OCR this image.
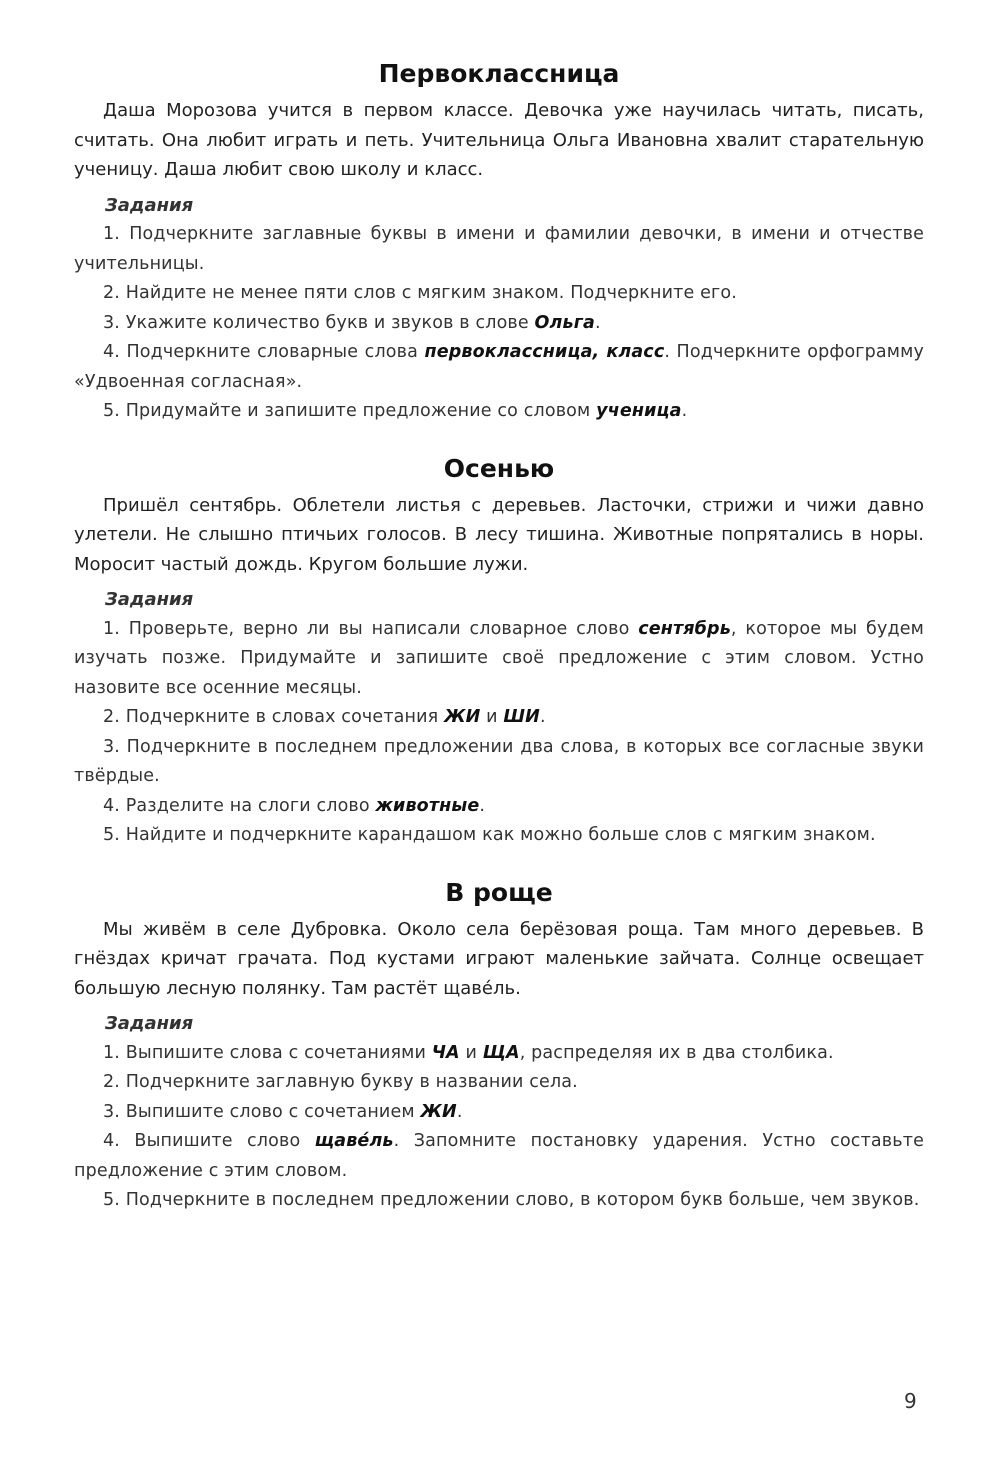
Первоклассница

Даша Морозова учится в первом классе. Девочка уже научилась читать, писать, считать. Она любит играть и петь. Учительница Ольга Ивановна хвалит старательную ученицу. Даша любит свою школу и класс.

Задания

1. Подчеркните заглавные буквы в имени и фамилии девочки, в имени и отчестве учительницы.

2. Найдите не менее пяти слов с мягким знаком. Подчеркните его.

3. Укажите количество букв и звуков в слове Ольга.

4. Подчеркните словарные слова первоклассница, класс. Подчеркните орфограмму «Удвоенная согласная».

5. Придумайте и запишите предложение со словом ученица.

Осенью

Пришёл сентябрь. Облетели листья с деревьев. Ласточки, стрижи и чижи давно улетели. Не слышно птичьих голосов. В лесу тишина. Животные попрятались в норы. Моросит частый дождь. Кругом большие лужи.

Задания

1. Проверьте, верно ли вы написали словарное слово сентябрь, которое мы будем изучать позже. Придумайте и запишите своё предложение с этим словом. Устно назовите все осенние месяцы.

2. Подчеркните в словах сочетания ЖИ и ШИ.

3. Подчеркните в последнем предложении два слова, в которых все согласные звуки твёрдые.

4. Разделите на слоги слово животные.

5. Найдите и подчеркните карандашом как можно больше слов с мягким знаком.

В роще

Мы живём в селе Дубровка. Около села берёзовая роща. Там много деревьев. В гнёздах кричат грачата. Под кустами играют маленькие зайчата. Солнце освещает большую лесную полянку. Там растёт щаве́ль.

Задания

1. Выпишите слова с сочетаниями ЧА и ЩА, распределяя их в два столбика.

2. Подчеркните заглавную букву в названии села.

3. Выпишите слово с сочетанием ЖИ.

4. Выпишите слово щаве́ль. Запомните постановку ударения. Устно составьте предложение с этим словом.

5. Подчеркните в последнем предложении слово, в котором букв больше, чем звуков.

9
